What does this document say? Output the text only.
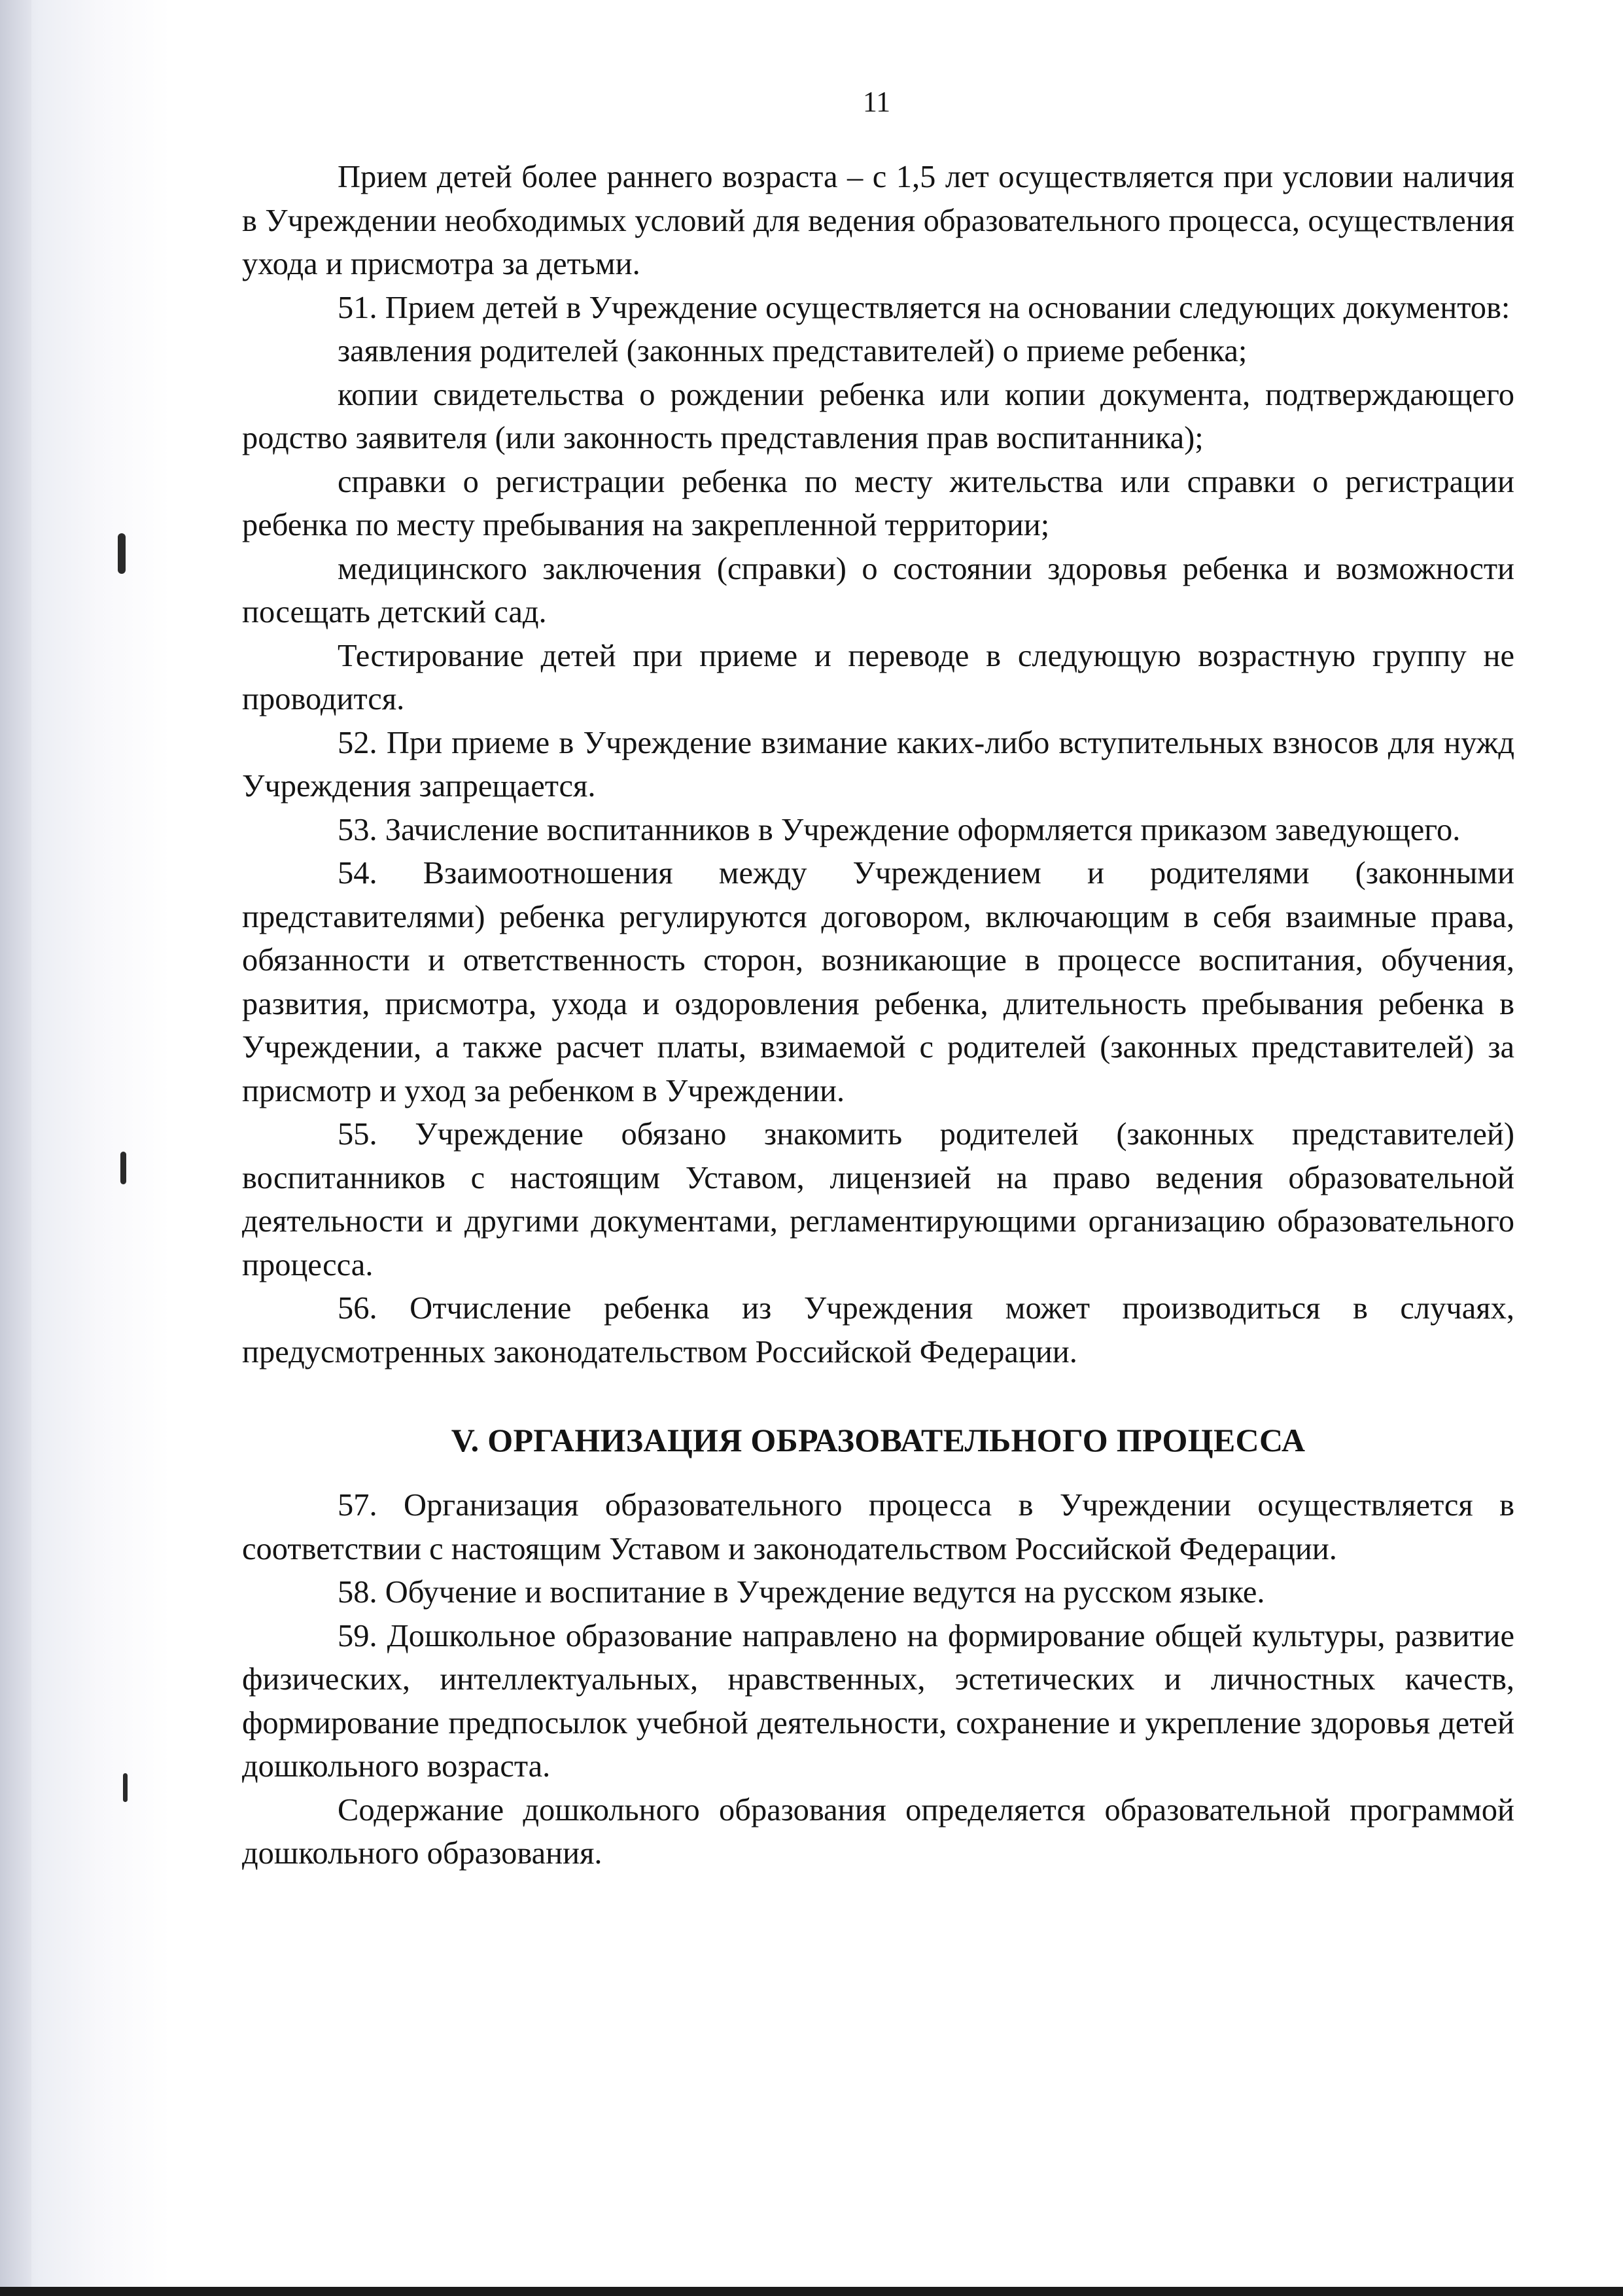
11

Прием детей более раннего возраста – с 1,5 лет осуществляется при условии наличия в Учреждении необходимых условий для ведения образовательного процесса, осуществления ухода и присмотра за детьми.

51. Прием детей в Учреждение осуществляется на основании следующих документов:

заявления родителей (законных представителей) о приеме ребенка;

копии свидетельства о рождении ребенка или копии документа, подтверждающего родство заявителя (или законность представления прав воспитанника);

справки о регистрации ребенка по месту жительства или справки о регистрации ребенка по месту пребывания на закрепленной территории;

медицинского заключения (справки) о состоянии здоровья ребенка и возможности посещать детский сад.

Тестирование детей при приеме и переводе в следующую возрастную группу не проводится.

52. При приеме в Учреждение взимание каких-либо вступительных взносов для нужд Учреждения запрещается.

53. Зачисление воспитанников в Учреждение оформляется приказом заведующего.

54. Взаимоотношения между Учреждением и родителями (законными представителями) ребенка регулируются договором, включающим в себя взаимные права, обязанности и ответственность сторон, возникающие в процессе воспитания, обучения, развития, присмотра, ухода и оздоровления ребенка, длительность пребывания ребенка в Учреждении, а также расчет платы, взимаемой с родителей (законных представителей) за присмотр и уход за ребенком в Учреждении.

55. Учреждение обязано знакомить родителей (законных представителей) воспитанников с настоящим Уставом, лицензией на право ведения образовательной деятельности и другими документами, регламентирующими организацию образовательного процесса.

56. Отчисление ребенка из Учреждения может производиться в случаях, предусмотренных законодательством Российской Федерации.

V. ОРГАНИЗАЦИЯ ОБРАЗОВАТЕЛЬНОГО ПРОЦЕССА

57. Организация образовательного процесса в Учреждении осуществляется в соответствии с настоящим Уставом и законодательством Российской Федерации.

58. Обучение и воспитание в Учреждение ведутся на русском языке.

59. Дошкольное образование направлено на формирование общей культуры, развитие физических, интеллектуальных, нравственных, эстетических и личностных качеств, формирование предпосылок учебной деятельности, сохранение и укрепление здоровья детей дошкольного возраста.

Содержание дошкольного образования определяется образовательной программой дошкольного образования.
